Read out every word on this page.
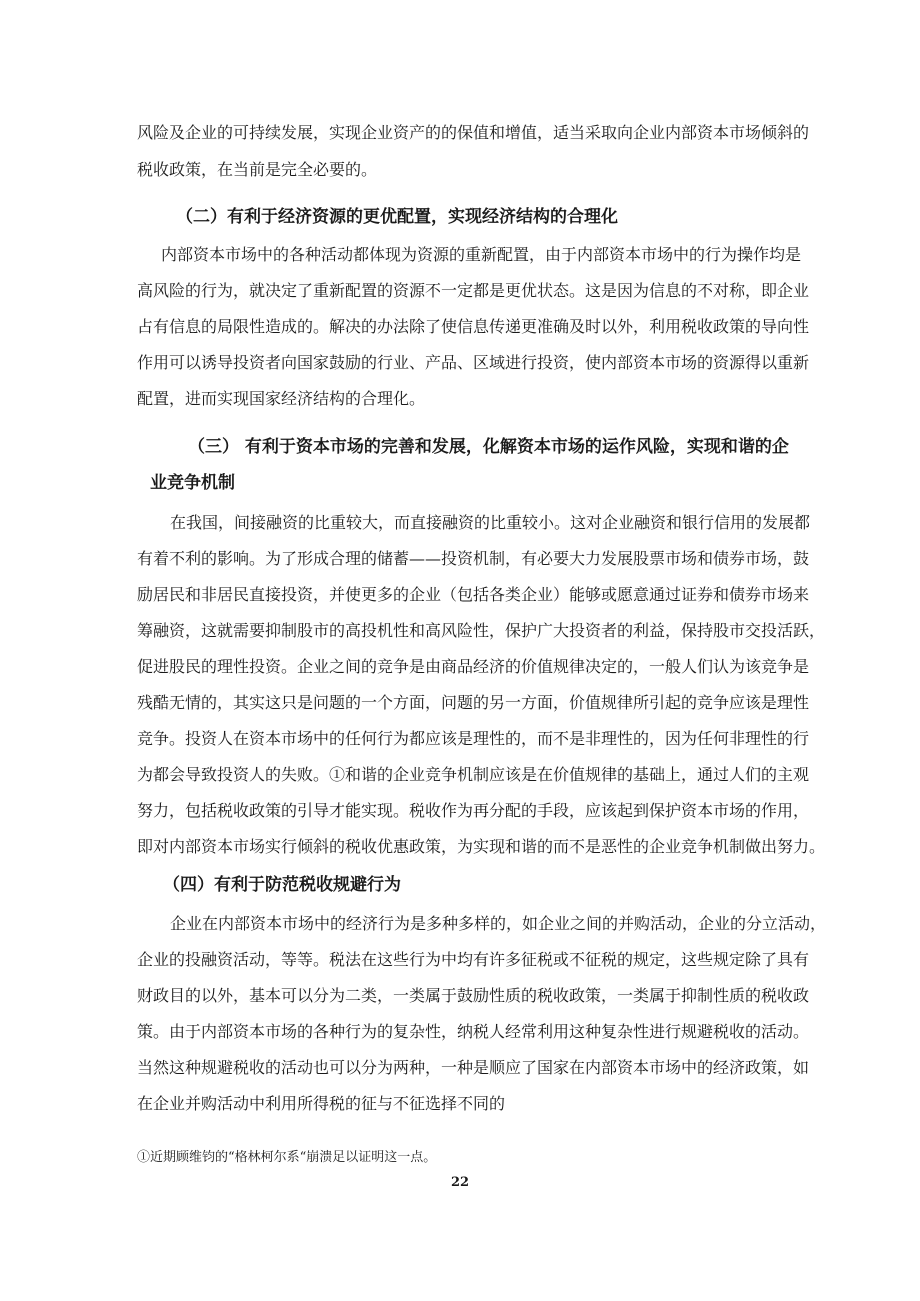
风险及企业的可持续发展，实现企业资产的的保值和增值，适当采取向企业内部资本市场倾斜的
税收政策，在当前是完全必要的。
（二）有利于经济资源的更优配置，实现经济结构的合理化
内部资本市场中的各种活动都体现为资源的重新配置，由于内部资本市场中的行为操作均是
高风险的行为，就决定了重新配置的资源不一定都是更优状态。这是因为信息的不对称，即企业
占有信息的局限性造成的。解决的办法除了使信息传递更准确及时以外，利用税收政策的导向性
作用可以诱导投资者向国家鼓励的行业、产品、区域进行投资，使内部资本市场的资源得以重新
配置，进而实现国家经济结构的合理化。
（三） 有利于资本市场的完善和发展，化解资本市场的运作风险，实现和谐的企
业竞争机制
在我国，间接融资的比重较大，而直接融资的比重较小。这对企业融资和银行信用的发展都
有着不利的影响。为了形成合理的储蓄——投资机制，有必要大力发展股票市场和债券市场，鼓
励居民和非居民直接投资，并使更多的企业（包括各类企业）能够或愿意通过证券和债券市场来
筹融资，这就需要抑制股市的高投机性和高风险性，保护广大投资者的利益，保持股市交投活跃，
促进股民的理性投资。企业之间的竞争是由商品经济的价值规律决定的，一般人们认为该竞争是
残酷无情的，其实这只是问题的一个方面，问题的另一方面，价值规律所引起的竞争应该是理性
竞争。投资人在资本市场中的任何行为都应该是理性的，而不是非理性的，因为任何非理性的行
为都会导致投资人的失败。①和谐的企业竞争机制应该是在价值规律的基础上，通过人们的主观
努力，包括税收政策的引导才能实现。税收作为再分配的手段，应该起到保护资本市场的作用，
即对内部资本市场实行倾斜的税收优惠政策，为实现和谐的而不是恶性的企业竞争机制做出努力。
（四）有利于防范税收规避行为
企业在内部资本市场中的经济行为是多种多样的，如企业之间的并购活动，企业的分立活动，
企业的投融资活动，等等。税法在这些行为中均有许多征税或不征税的规定，这些规定除了具有
财政目的以外，基本可以分为二类，一类属于鼓励性质的税收政策，一类属于抑制性质的税收政
策。由于内部资本市场的各种行为的复杂性，纳税人经常利用这种复杂性进行规避税收的活动。
当然这种规避税收的活动也可以分为两种，一种是顺应了国家在内部资本市场中的经济政策，如
在企业并购活动中利用所得税的征与不征选择不同的
①近期顾维钧的“格林柯尔系“崩溃足以证明这一点。
22
